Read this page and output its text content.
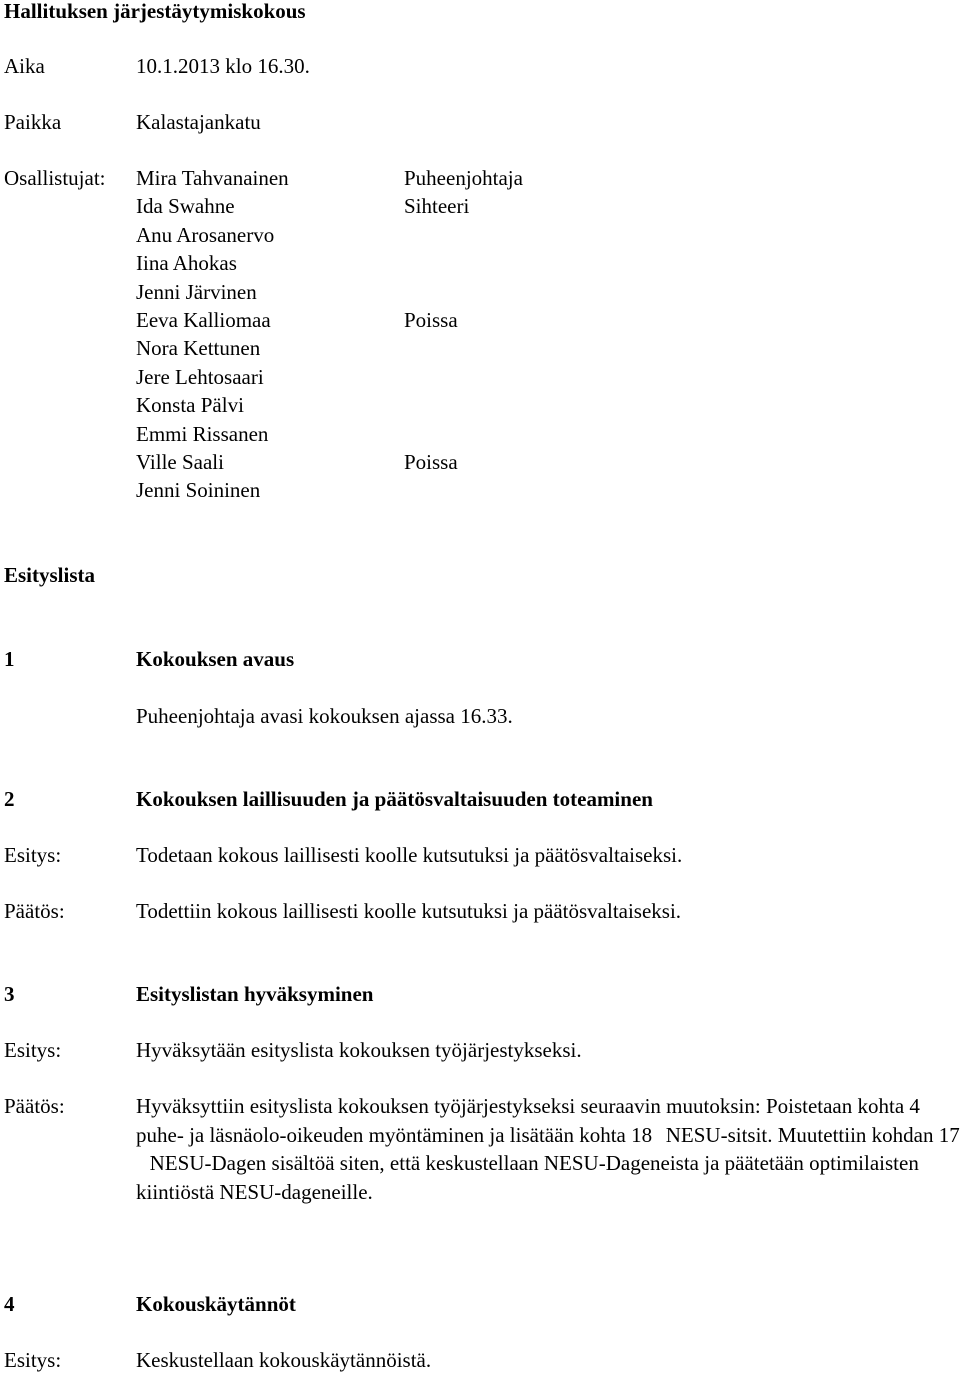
Hallituksen järjestäytymiskokous
Aika	10.1.2013 klo 16.30.
Paikka	Kalastajankatu
Osallistujat: Mira Tahvanainen	Puheenjohtaja
Ida Swahne	Sihteeri
Anu Arosanervo
Iina Ahokas
Jenni Järvinen
Eeva Kalliomaa	Poissa
Nora Kettunen
Jere Lehtosaari
Konsta Pälvi
Emmi Rissanen
Ville Saali	Poissa
Jenni Soininen
Esityslista
1	Kokouksen avaus
Puheenjohtaja avasi kokouksen ajassa 16.33.
2	Kokouksen laillisuuden ja päätösvaltaisuuden toteaminen
Esitys:	Todetaan kokous laillisesti koolle kutsutuksi ja päätösvaltaiseksi.
Päätös:	Todettiin kokous laillisesti koolle kutsutuksi ja päätösvaltaiseksi.
3	Esityslistan hyväksyminen
Esitys:	Hyväksytään esityslista kokouksen työjärjestykseksi.
Päätös:	Hyväksyttiin esityslista kokouksen työjärjestykseksi seuraavin muutoksin: Poistetaan kohta 4 puhe- ja läsnäolo-oikeuden myöntäminen ja lisätään kohta 18 NESU-sitsit. Muutettiin kohdan 17 NESU-Dagen sisältöä siten, että keskustellaan NESU-Dageneista ja päätetään optimilaisten kiintiöstä NESU-dageneille.
4	Kokouskäytännöt
Esitys:	Keskustellaan kokouskäytännöistä.
